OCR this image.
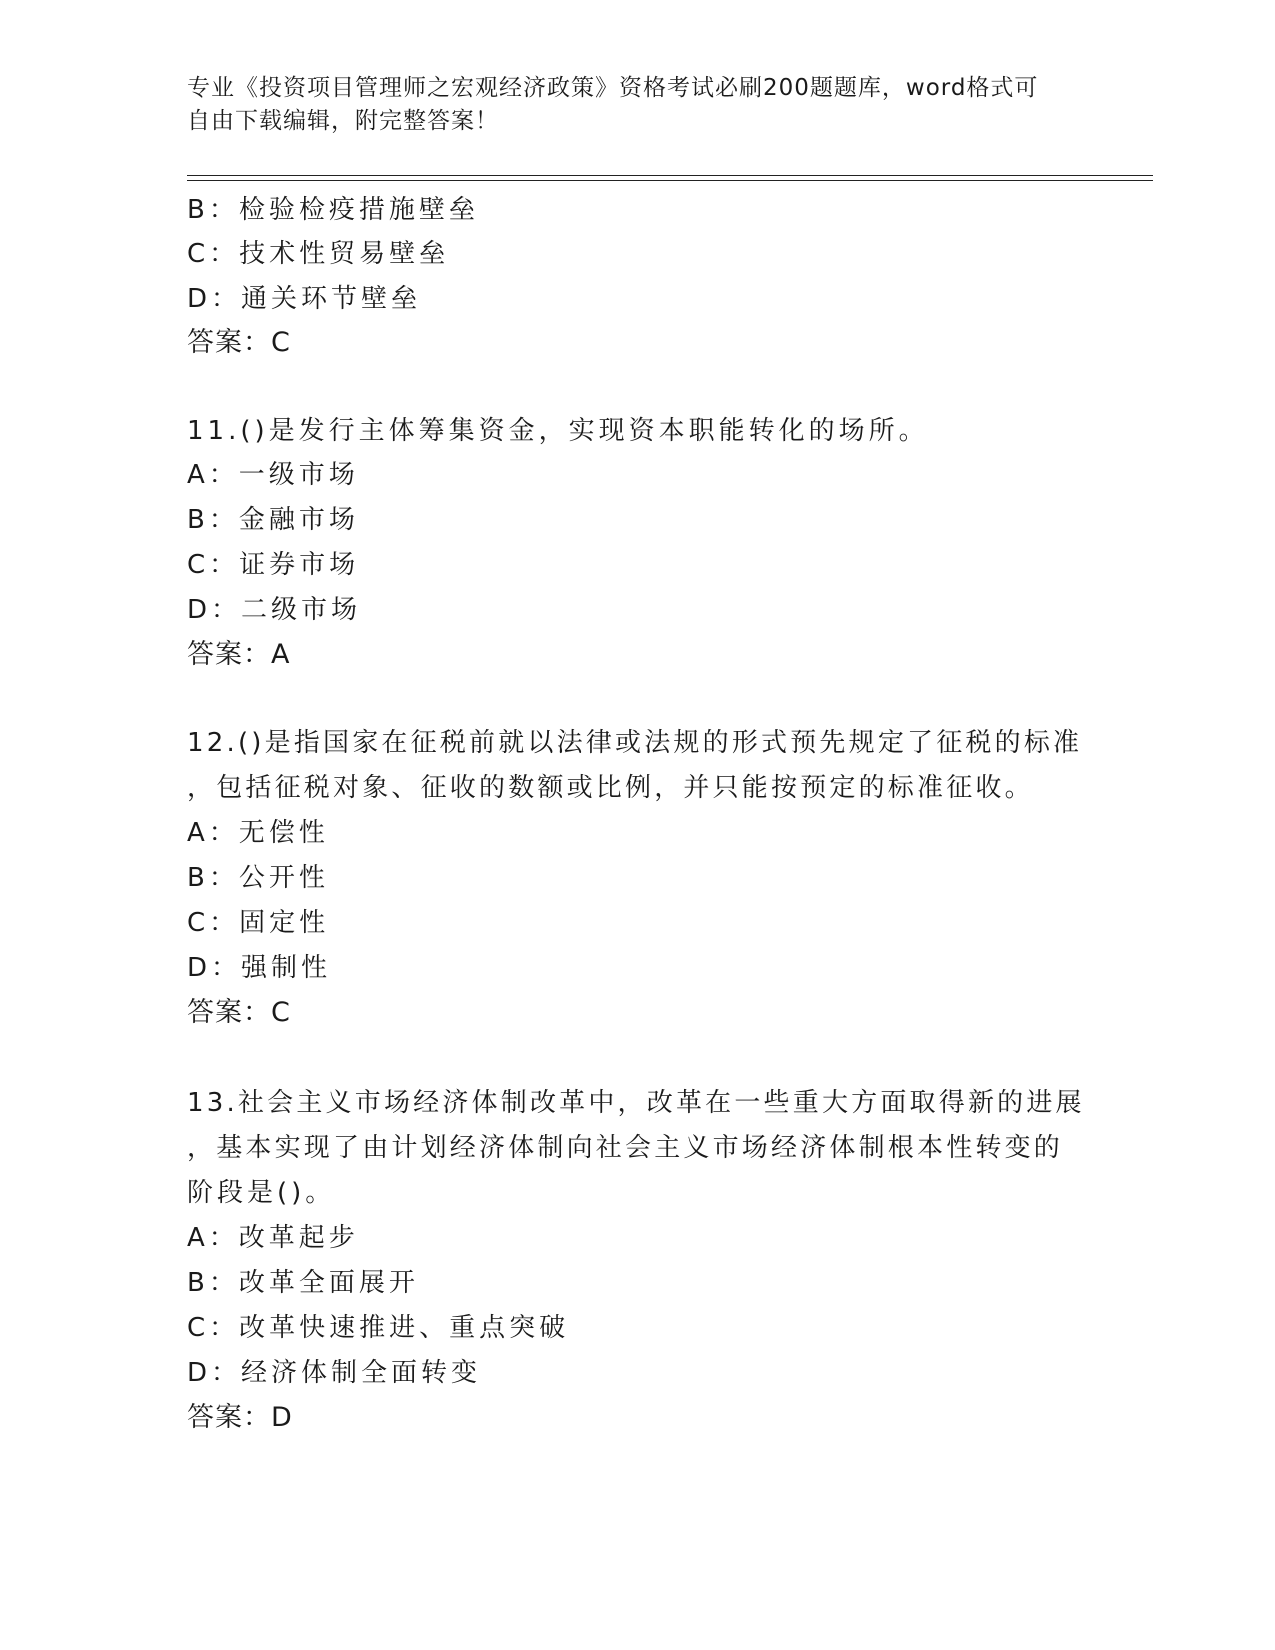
专业《投资项目管理师之宏观经济政策》资格考试必刷200题题库，word格式可
自由下载编辑，附完整答案！
B：检验检疫措施壁垒
C：技术性贸易壁垒
D：通关环节壁垒
答案：C
11.()是发行主体筹集资金，实现资本职能转化的场所。
A：一级市场
B：金融市场
C：证券市场
D：二级市场
答案：A
12.()是指国家在征税前就以法律或法规的形式预先规定了征税的标准
，包括征税对象、征收的数额或比例，并只能按预定的标准征收。
A：无偿性
B：公开性
C：固定性
D：强制性
答案：C
13.社会主义市场经济体制改革中，改革在一些重大方面取得新的进展
，基本实现了由计划经济体制向社会主义市场经济体制根本性转变的
阶段是()。
A：改革起步
B：改革全面展开
C：改革快速推进、重点突破
D：经济体制全面转变
答案：D
